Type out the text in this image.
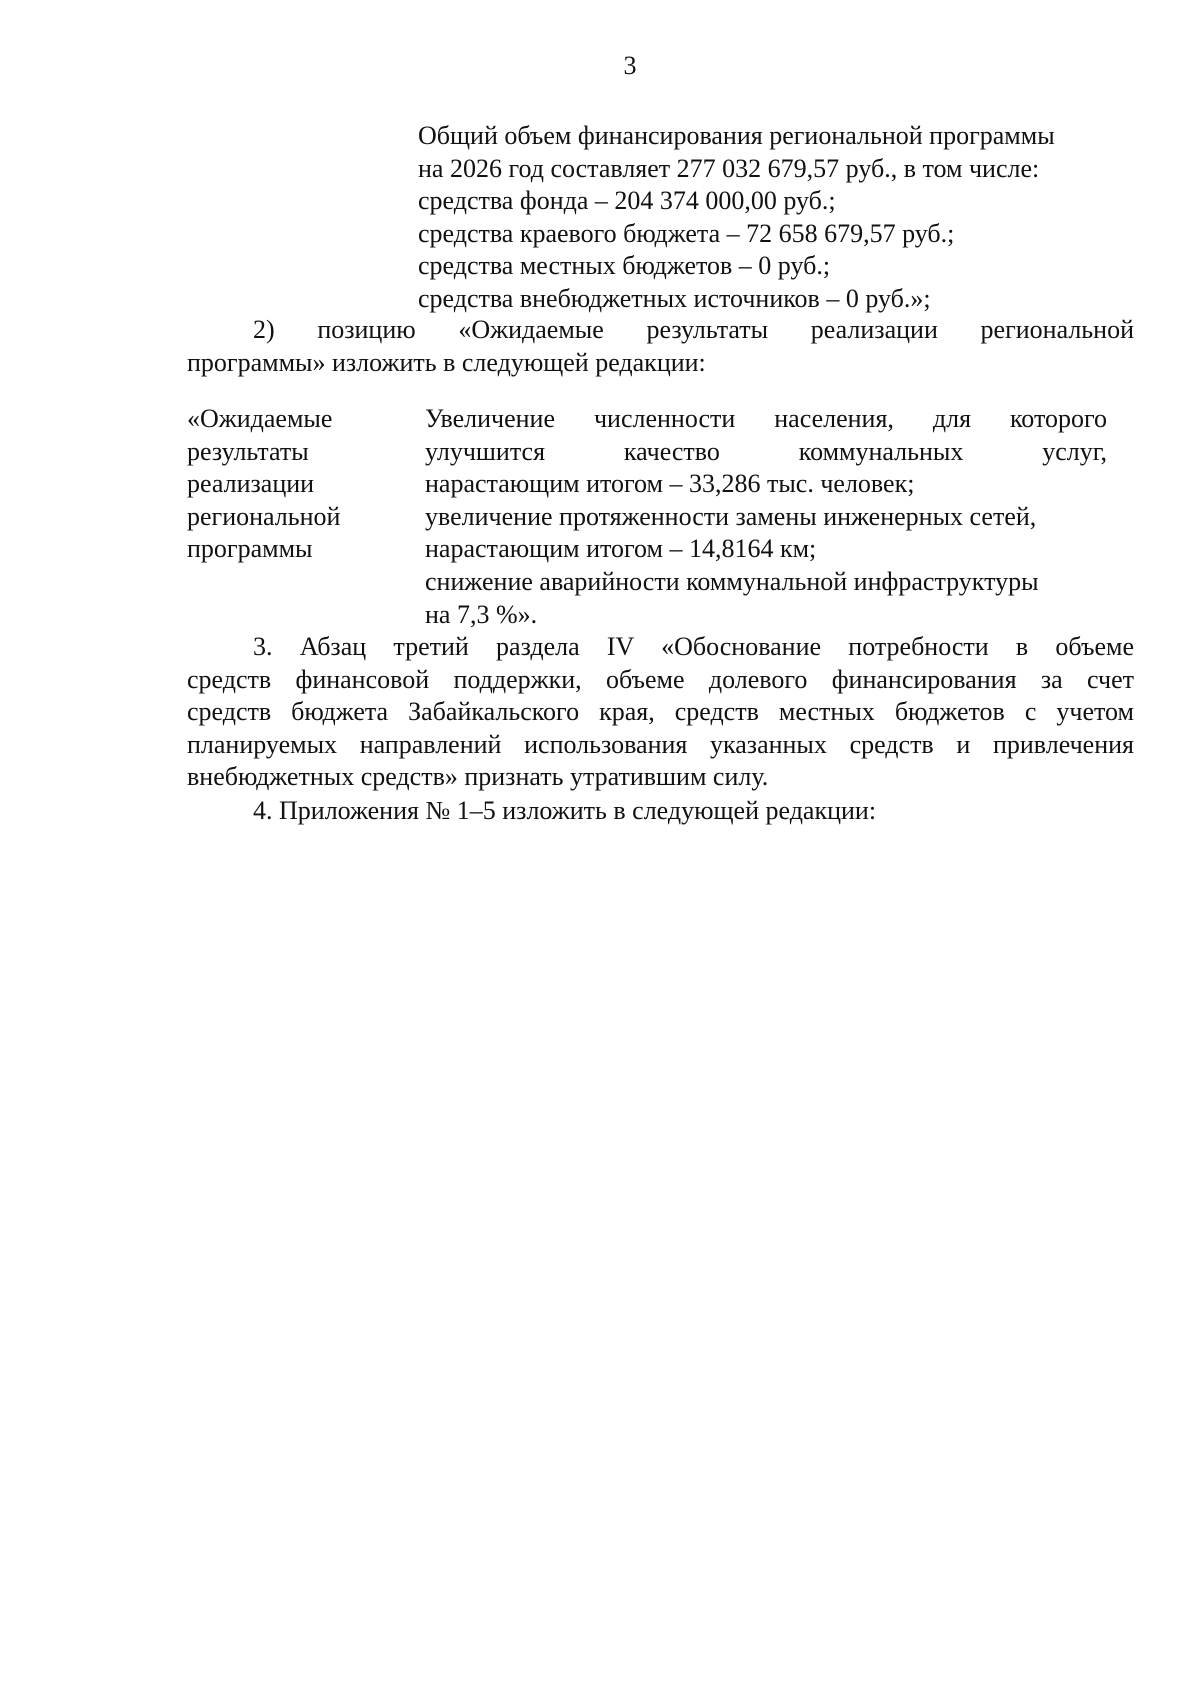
3
Общий объем финансирования региональной программы
на 2026 год составляет 277 032 679,57 руб., в том числе:
средства фонда – 204 374 000,00 руб.;
средства краевого бюджета – 72 658 679,57 руб.;
средства местных бюджетов – 0 руб.;
средства внебюджетных источников – 0 руб.»;
2) позицию «Ожидаемые результаты реализации региональной
программы» изложить в следующей редакции:
«Ожидаемые
результаты
реализации
региональной
программы
Увеличение численности населения, для которого
улучшится качество коммунальных услуг,
нарастающим итогом – 33,286 тыс. человек;
увеличение протяженности замены инженерных сетей,
нарастающим итогом – 14,8164 км;
снижение аварийности коммунальной инфраструктуры
на 7,3 %».
3. Абзац третий раздела IV «Обоснование потребности в объеме
средств финансовой поддержки, объеме долевого финансирования за счет
средств бюджета Забайкальского края, средств местных бюджетов с учетом
планируемых направлений использования указанных средств и привлечения
внебюджетных средств» признать утратившим силу.
4. Приложения № 1–5 изложить в следующей редакции:
